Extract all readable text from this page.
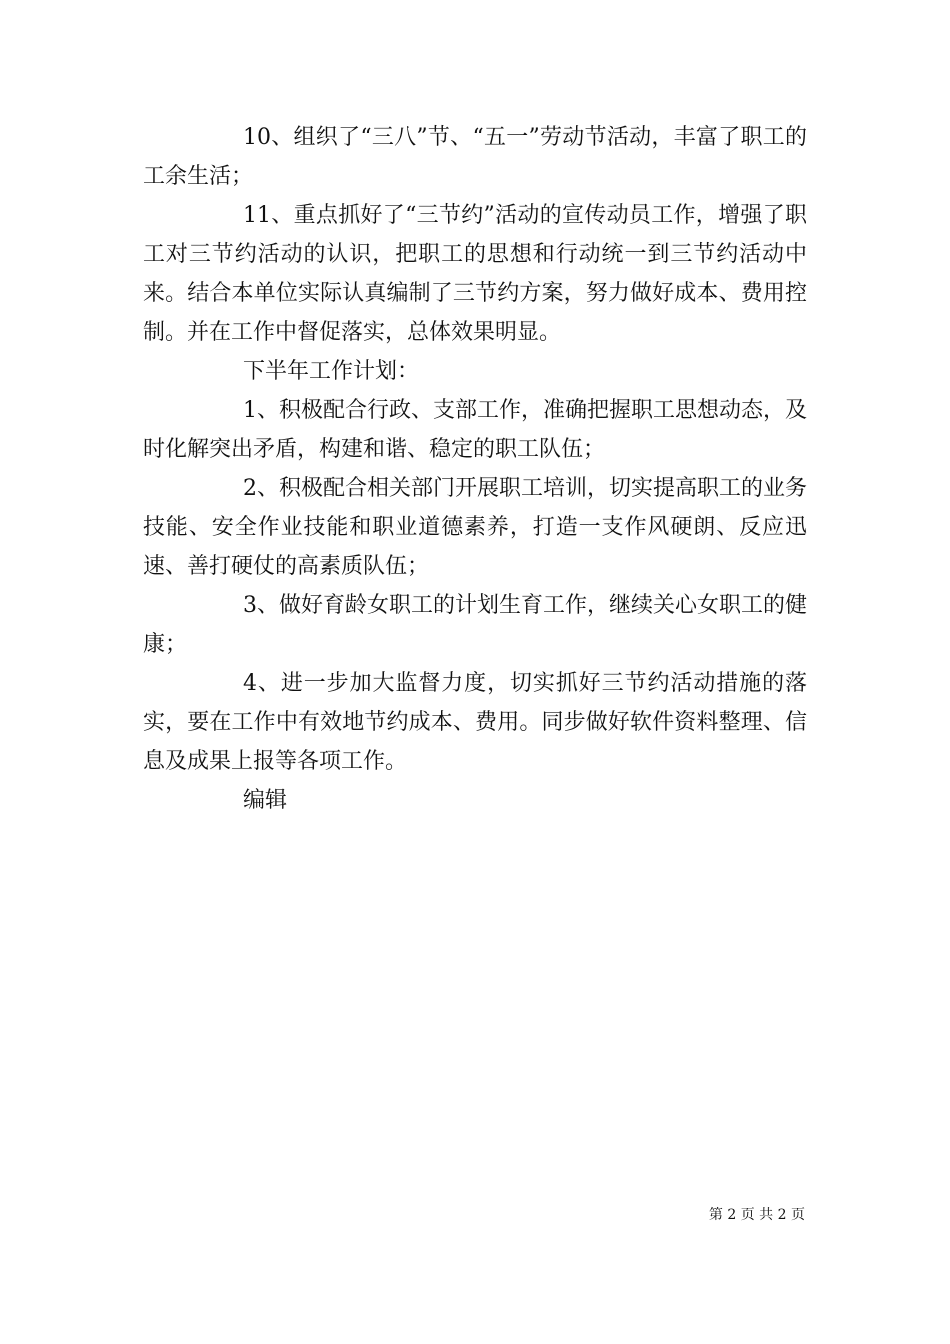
10、组织了“三八”节、“五一”劳动节活动，丰富了职工的工余生活；

11、重点抓好了“三节约”活动的宣传动员工作，增强了职工对三节约活动的认识，把职工的思想和行动统一到三节约活动中来。结合本单位实际认真编制了三节约方案，努力做好成本、费用控制。并在工作中督促落实，总体效果明显。

下半年工作计划：

1、积极配合行政、支部工作，准确把握职工思想动态，及时化解突出矛盾，构建和谐、稳定的职工队伍；

2、积极配合相关部门开展职工培训，切实提高职工的业务技能、安全作业技能和职业道德素养，打造一支作风硬朗、反应迅速、善打硬仗的高素质队伍；

3、做好育龄女职工的计划生育工作，继续关心女职工的健康；

4、进一步加大监督力度，切实抓好三节约活动措施的落实，要在工作中有效地节约成本、费用。同步做好软件资料整理、信息及成果上报等各项工作。

编辑

第 2 页 共 2 页
